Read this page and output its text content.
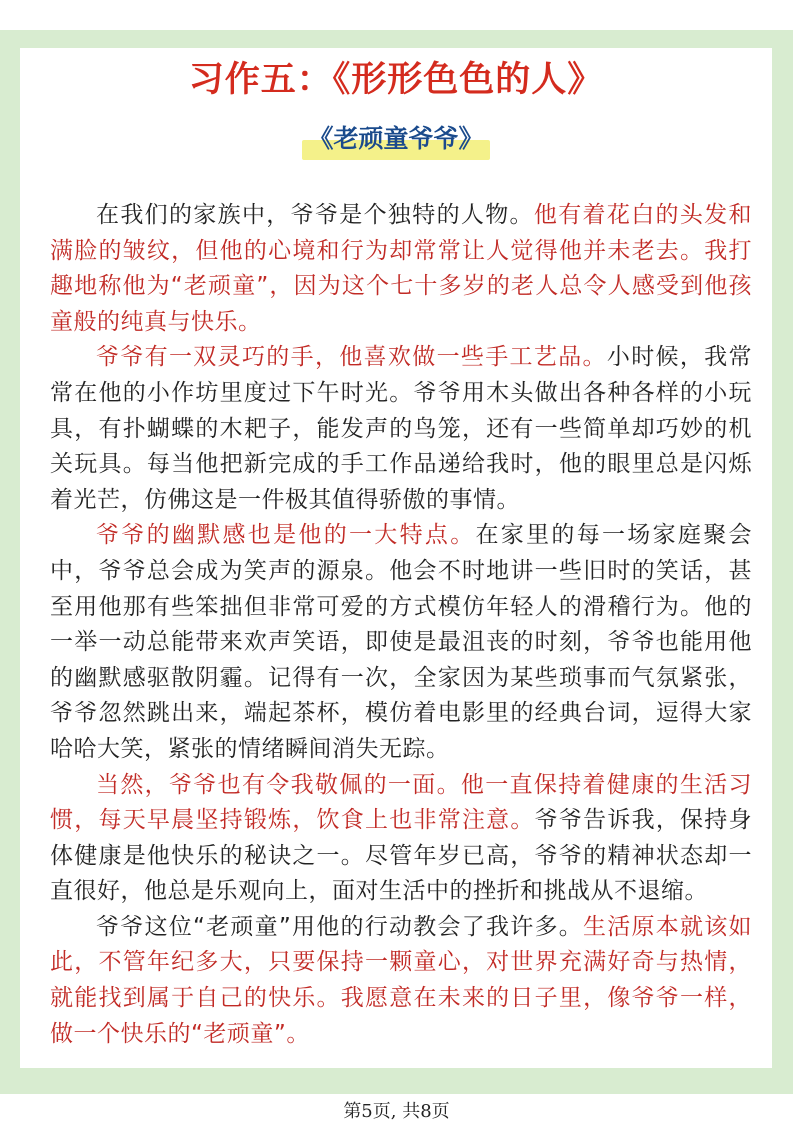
习作五：《形形色色的人》
《老顽童爷爷》

在我们的家族中，爷爷是个独特的人物。他有着花白的头发和满脸的皱纹，但他的心境和行为却常常让人觉得他并未老去。我打趣地称他为“老顽童”，因为这个七十多岁的老人总令人感受到他孩童般的纯真与快乐。

爷爷有一双灵巧的手，他喜欢做一些手工艺品。小时候，我常常在他的小作坊里度过下午时光。爷爷用木头做出各种各样的小玩具，有扑蝴蝶的木耙子，能发声的鸟笼，还有一些简单却巧妙的机关玩具。每当他把新完成的手工作品递给我时，他的眼里总是闪烁着光芒，仿佛这是一件极其值得骄傲的事情。

爷爷的幽默感也是他的一大特点。在家里的每一场家庭聚会中，爷爷总会成为笑声的源泉。他会不时地讲一些旧时的笑话，甚至用他那有些笨拙但非常可爱的方式模仿年轻人的滑稽行为。他的一举一动总能带来欢声笑语，即使是最沮丧的时刻，爷爷也能用他的幽默感驱散阴霾。记得有一次，全家因为某些琐事而气氛紧张，爷爷忽然跳出来，端起茶杯，模仿着电影里的经典台词，逗得大家哈哈大笑，紧张的情绪瞬间消失无踪。

当然，爷爷也有令我敬佩的一面。他一直保持着健康的生活习惯，每天早晨坚持锻炼，饮食上也非常注意。爷爷告诉我，保持身体健康是他快乐的秘诀之一。尽管年岁已高，爷爷的精神状态却一直很好，他总是乐观向上，面对生活中的挫折和挑战从不退缩。

爷爷这位“老顽童”用他的行动教会了我许多。生活原本就该如此，不管年纪多大，只要保持一颗童心，对世界充满好奇与热情，就能找到属于自己的快乐。我愿意在未来的日子里，像爷爷一样，做一个快乐的“老顽童”。

第5页, 共8页
